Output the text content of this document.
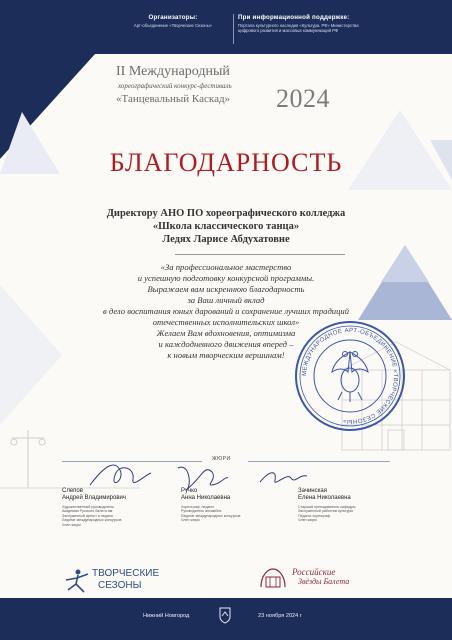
Организаторы:
Арт-объединение «Творческие Сезоны»
При информационной поддержке:
Портала культурного наследия «Культура. РФ» Министерства цифрового развития и массовых коммуникаций РФ
II Международный
хореографический конкурс-фестиваль
«Танцевальный Каскад» 2024
БЛАГОДАРНОСТЬ
Директору АНО ПО хореографического колледжа
«Школа классического танца»
Ледях Ларисе Абдухатовне
«За профессиональное мастерство
и успешную подготовку конкурсной программы.
Выражаем вам искреннюю благодарность
за Ваш личный вклад
в дело воспитания юных дарований и сохранение лучших традиций
отечественных исполнительских школ»
Желаем Вам вдохновения, оптимизма
и каждодневного движения вперед –
к новым творческим вершинам!
МЕЖДУНАРОДНОЕ АРТ-ОБЪЕДИНЕНИЕ «ТВОРЧЕСКИЕ СЕЗОНЫ»
ЖЮРИ
Слепов
Андрей Владимирович
Художественный руководитель
Академии Русского балета им.
Заслуженный артист и педагог
Лауреат международных конкурсов
Член жюри
Ручко
Анна Николаевна
Хореограф, педагог
Руководитель ансамбля
Лауреат международных конкурсов
Член жюри
Зачинская
Елена Николаевна
Старший преподаватель кафедры
Заслуженный работник культуры
Педагог-хореограф
Член жюри
ТВОРЧЕСКИЕ
СЕЗОНЫ
Российские
Звёзды Балета
Нижний Новгород	23 ноября 2024 г
